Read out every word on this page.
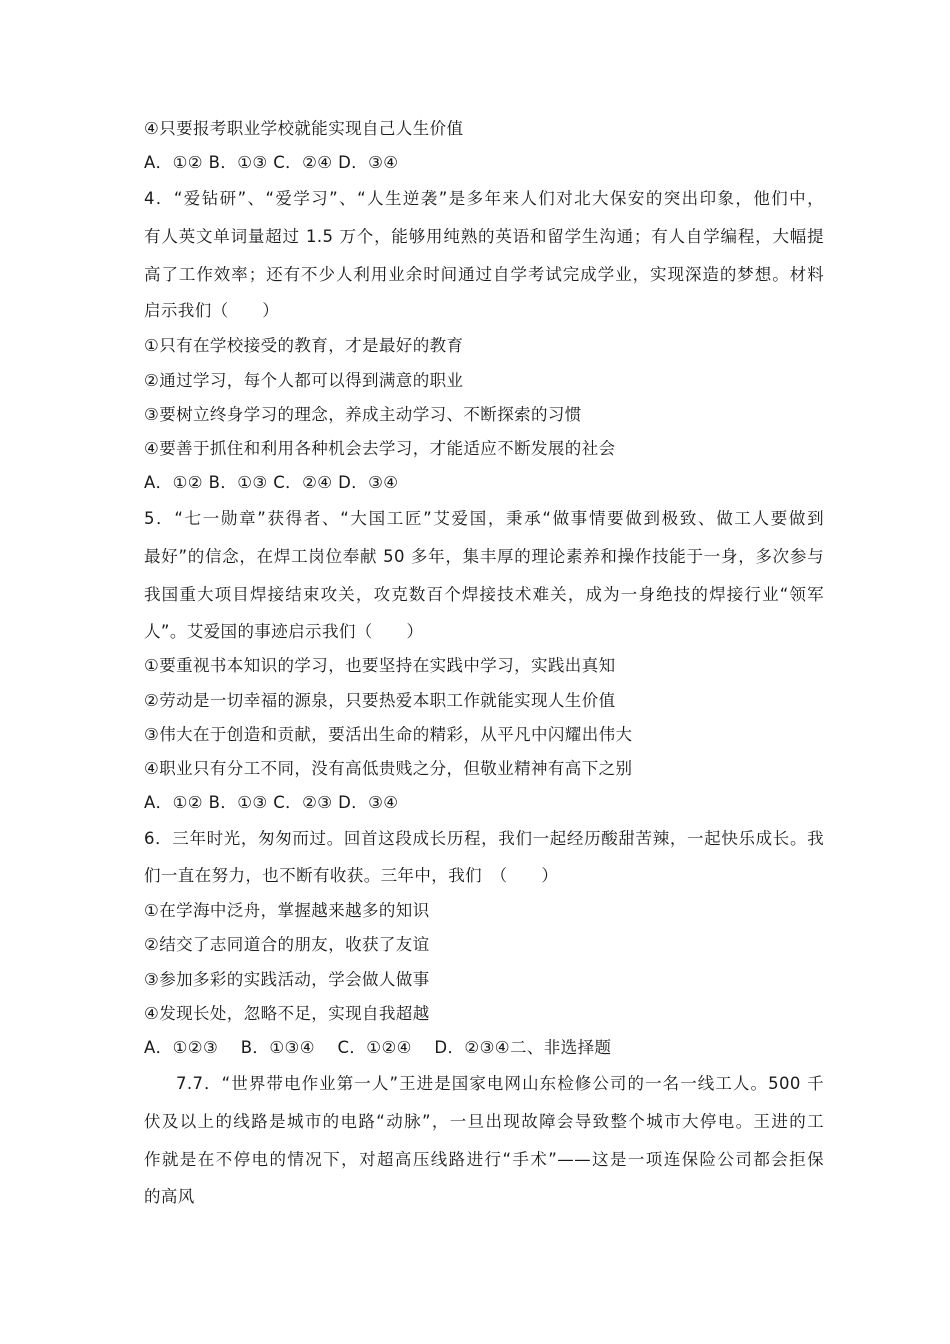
④只要报考职业学校就能实现自己人生价值
A．①② B．①③ C．②④ D．③④
4．“爱钻研”、“爱学习”、“人生逆袭”是多年来人们对北大保安的突出印象，他们中，
有人英文单词量超过 1.5 万个，能够用纯熟的英语和留学生沟通；有人自学编程，大幅提
高了工作效率；还有不少人利用业余时间通过自学考试完成学业，实现深造的梦想。材料
启示我们（　　）
①只有在学校接受的教育，才是最好的教育
②通过学习，每个人都可以得到满意的职业
③要树立终身学习的理念，养成主动学习、不断探索的习惯
④要善于抓住和利用各种机会去学习，才能适应不断发展的社会
A．①② B．①③ C．②④ D．③④
5．“七一勋章”获得者、“大国工匠”艾爱国，秉承“做事情要做到极致、做工人要做到
最好”的信念，在焊工岗位奉献 50 多年，集丰厚的理论素养和操作技能于一身，多次参与
我国重大项目焊接结束攻关，攻克数百个焊接技术难关，成为一身绝技的焊接行业“领军
人”。艾爱国的事迹启示我们（　　）
①要重视书本知识的学习，也要坚持在实践中学习，实践出真知
②劳动是一切幸福的源泉，只要热爱本职工作就能实现人生价值
③伟大在于创造和贡献，要活出生命的精彩，从平凡中闪耀出伟大
④职业只有分工不同，没有高低贵贱之分，但敬业精神有高下之别
A．①② B．①③ C．②③ D．③④
6．三年时光，匆匆而过。回首这段成长历程，我们一起经历酸甜苦辣，一起快乐成长。我
们一直在努力，也不断有收获。三年中，我们　（　　）
①在学海中泛舟，掌握越来越多的知识
②结交了志同道合的朋友，收获了友谊
③参加多彩的实践活动，学会做人做事
④发现长处，忽略不足，实现自我超越
A．①②③　 B．①③④　 C．①②④　 D．②③④二、非选择题
7.7．“世界带电作业第一人”王进是国家电网山东检修公司的一名一线工人。500 千
伏及以上的线路是城市的电路“动脉”，一旦出现故障会导致整个城市大停电。王进的工
作就是在不停电的情况下，对超高压线路进行“手术”——这是一项连保险公司都会拒保
的高风
